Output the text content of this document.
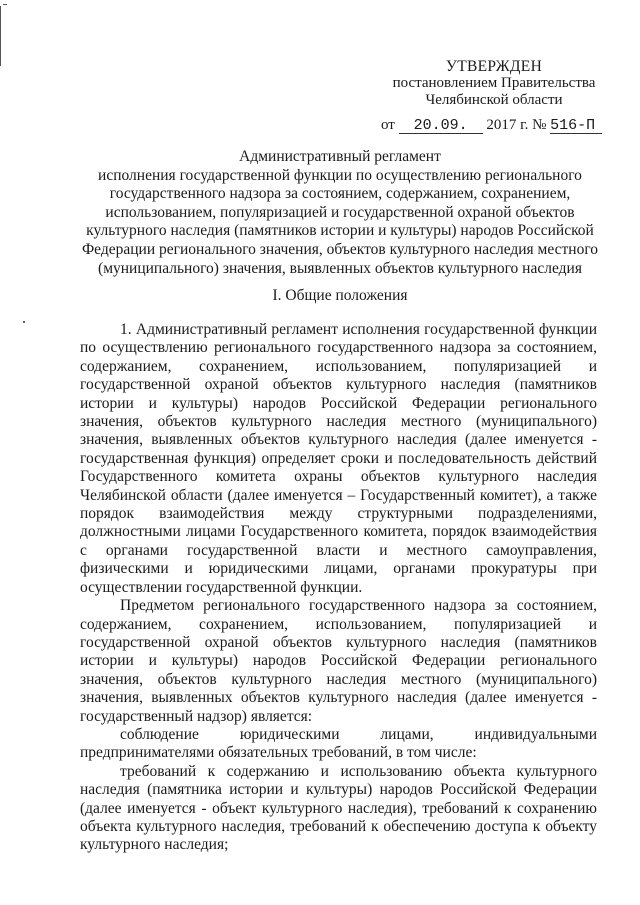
УТВЕРЖДЕН
постановлением Правительства
Челябинской области
от 20.09. 2017 г. № 516-П
Административный регламент
исполнения государственной функции по осуществлению регионального государственного надзора за состоянием, содержанием, сохранением, использованием, популяризацией и государственной охраной объектов культурного наследия (памятников истории и культуры) народов Российской Федерации регионального значения, объектов культурного наследия местного (муниципального) значения, выявленных объектов культурного наследия
I. Общие положения

1. Административный регламент исполнения государственной функции по осуществлению регионального государственного надзора за состоянием, содержанием, сохранением, использованием, популяризацией и государственной охраной объектов культурного наследия (памятников истории и культуры) народов Российской Федерации регионального значения, объектов культурного наследия местного (муниципального) значения, выявленных объектов культурного наследия (далее именуется - государственная функция) определяет сроки и последовательность действий Государственного комитета охраны объектов культурного наследия Челябинской области (далее именуется – Государственный комитет), а также порядок взаимодействия между структурными подразделениями, должностными лицами Государственного комитета, порядок взаимодействия с органами государственной власти и местного самоуправления, физическими и юридическими лицами, органами прокуратуры при осуществлении государственной функции.

Предметом регионального государственного надзора за состоянием, содержанием, сохранением, использованием, популяризацией и государственной охраной объектов культурного наследия (памятников истории и культуры) народов Российской Федерации регионального значения, объектов культурного наследия местного (муниципального) значения, выявленных объектов культурного наследия (далее именуется - государственный надзор) является:

соблюдение юридическими лицами, индивидуальными предпринимателями обязательных требований, в том числе:

требований к содержанию и использованию объекта культурного наследия (памятника истории и культуры) народов Российской Федерации (далее именуется - объект культурного наследия), требований к сохранению объекта культурного наследия, требований к обеспечению доступа к объекту культурного наследия;
